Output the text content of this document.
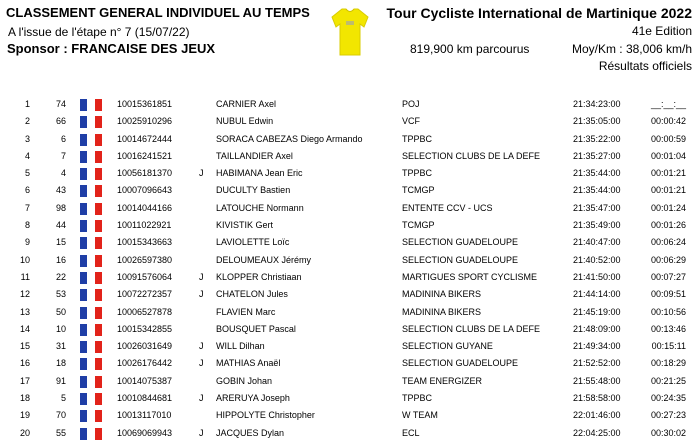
CLASSEMENT GENERAL INDIVIDUEL AU TEMPS
A l'issue de l'étape n° 7 (15/07/22)
Sponsor : FRANCAISE DES JEUX
Tour Cycliste International de Martinique 2022
41e Edition
819,900 km parcourus	Moy/Km : 38,006 km/h
Résultats officiels
1	74	10015361851	CARNIER Axel	POJ	21:34:23:00	__:__:__
2	66	10025910296	NUBUL Edwin	VCF	21:35:05:00	00:00:42
3	6	10014672444	SORACA CABEZAS Diego Armando	TPPBC	21:35:22:00	00:00:59
4	7	10016241521	TAILLANDIER Axel	SELECTION CLUBS DE LA DEFE	21:35:27:00	00:01:04
5	4	10056181370	J HABIMANA Jean Eric	TPPBC	21:35:44:00	00:01:21
6	43	10007096643	DUCULTY Bastien	TCMGP	21:35:44:00	00:01:21
7	98	10014044166	LATOUCHE Normann	ENTENTE CCV - UCS	21:35:47:00	00:01:24
8	44	10011022921	KIVISTIK Gert	TCMGP	21:35:49:00	00:01:26
9	15	10015343663	LAVIOLETTE Loïc	SELECTION GUADELOUPE	21:40:47:00	00:06:24
10	16	10026597380	DELOUMEAUX Jérémy	SELECTION GUADELOUPE	21:40:52:00	00:06:29
11	22	10091576064	J KLOPPER Christiaan	MARTIGUES SPORT CYCLISME	21:41:50:00	00:07:27
12	53	10072272357	J CHATELON Jules	MADININA BIKERS	21:44:14:00	00:09:51
13	50	10006527878	FLAVIEN Marc	MADININA BIKERS	21:45:19:00	00:10:56
14	10	10015342855	BOUSQUET Pascal	SELECTION CLUBS DE LA DEFE	21:48:09:00	00:13:46
15	31	10026031649	J WILL Dilhan	SELECTION GUYANE	21:49:34:00	00:15:11
16	18	10026176442	J MATHIAS Anaël	SELECTION GUADELOUPE	21:52:52:00	00:18:29
17	91	10014075387	GOBIN Johan	TEAM ENERGIZER	21:55:48:00	00:21:25
18	5	10010844681	J ARERUYA Joseph	TPPBC	21:58:58:00	00:24:35
19	70	10013117010	HIPPOLYTE Christopher	W TEAM	22:01:46:00	00:27:23
20	55	10069069943	J JACQUES Dylan	ECL	22:04:25:00	00:30:02
